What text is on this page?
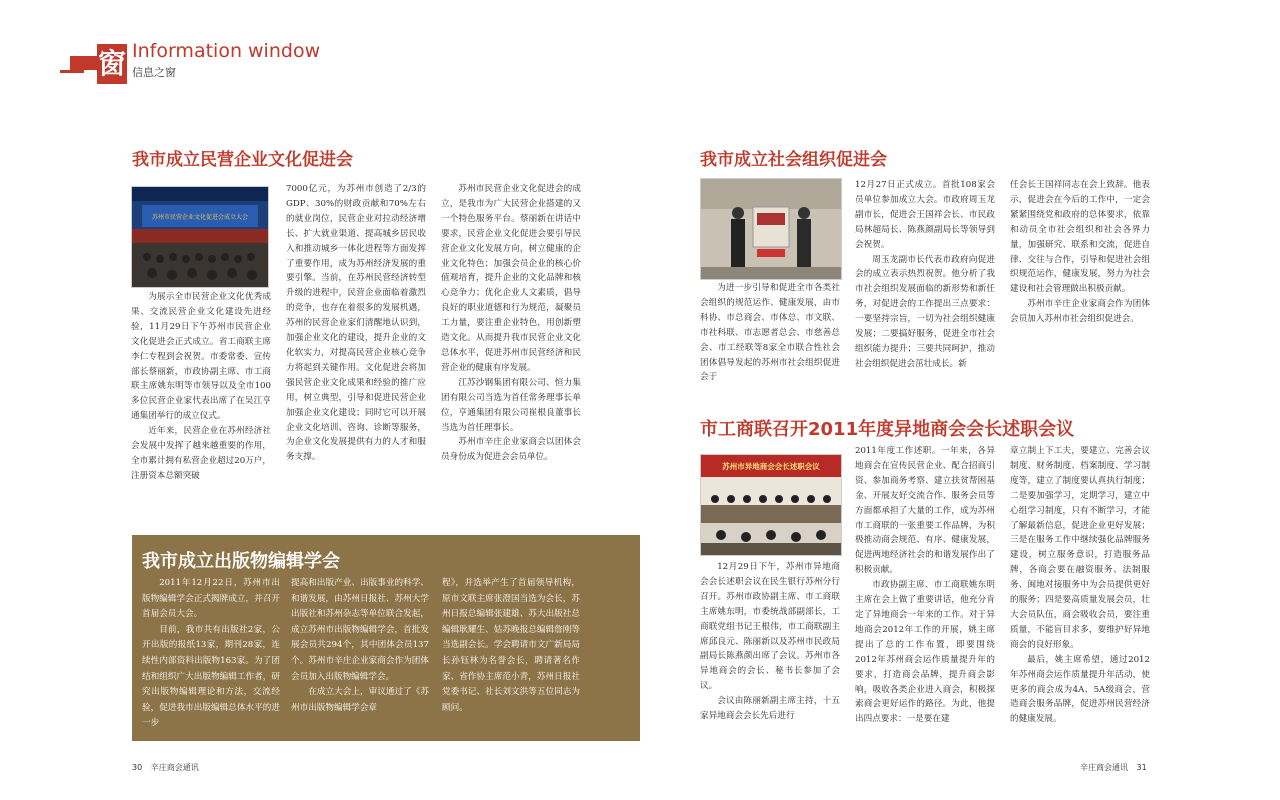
窗 Information window
信息之窗
我市成立民营企业文化促进会
苏州市民营企业文化促进会成立大会

为展示全市民营企业文化优秀成果、交流民营企业文化建设先进经验，11月29日下午苏州市民营企业文化促进会正式成立。省工商联主席李仁专程到会祝贺。市委常委、宣传部长蔡丽新，市政协副主席、市工商联主席姚东明等市领导以及全市100多位民营企业家代表出席了在吴江亨通集团举行的成立仪式。

近年来，民营企业在苏州经济社会发展中发挥了越来越重要的作用，全市累计拥有私营企业超过20万户，注册资本总额突破

7000亿元，为苏州市创造了2/3的GDP、30%的财政贡献和70%左右的就业岗位，民营企业对拉动经济增长、扩大就业渠道、提高城乡居民收入和推动城乡一体化进程等方面发挥了重要作用，成为苏州经济发展的重要引擎。当前，在苏州民营经济转型升级的进程中，民营企业面临着激烈的竞争，也存在着很多的发展机遇，苏州的民营企业家们清醒地认识到，加强企业文化的建设，提升企业的文化软实力，对提高民营企业核心竞争力将起到关键作用。文化促进会将加强民营企业文化成果和经验的推广应用，树立典型，引导和促进民营企业加强企业文化建设；同时它可以开展企业文化培训、咨询、诊断等服务，为企业文化发展提供有力的人才和服务支撑。

苏州市民营企业文化促进会的成立，是我市为广大民营企业搭建的又一个特色服务平台。蔡丽新在讲话中要求，民营企业文化促进会要引导民营企业文化发展方向，树立健康的企业文化特色；加强会员企业的核心价值观培育，提升企业的文化品牌和核心竞争力；优化企业人文素质，倡导良好的职业道德和行为规范，凝聚员工力量，要注重企业特色，用创新塑造文化。从而提升我市民营企业文化总体水平，促进苏州市民营经济和民营企业的健康有序发展。

江苏沙钢集团有限公司、恒力集团有限公司当选为首任常务理事长单位，亨通集团有限公司崔根良董事长当选为首任理事长。

苏州市辛庄企业家商会以团体会员身份成为促进会会员单位。

我市成立出版物编辑学会

2011年12月22日，苏州市出版物编辑学会正式揭牌成立，并召开首届会员大会。

目前，我市共有出版社2家，公开出版的报纸13家，期刊28家，连续性内部资料出版物163家。为了团结和组织广大出版物编辑工作者，研究出版物编辑理论和方法，交流经验，促进我市出版编辑总体水平的进一步

提高和出版产业、出版事业的科学、和谐发展，由苏州日报社、苏州大学出版社和苏州杂志等单位联合发起，成立苏州市出版物编辑学会，首批发展会员共294个，其中团体会员137个。苏州市辛庄企业家商会作为团体会员加入出版物编辑学会。

在成立大会上，审议通过了《苏州市出版物编辑学会章

程》，并选举产生了首届领导机构，原市文联主席张澄国当选为会长，苏州日报总编辑张建雄、苏大出版社总编辑耿耀生、姑苏晚报总编辑詹刚等当选副会长。学会聘请市文广新局局长孙钰林为名誉会长，聘请著名作家、省作协主席范小青，苏州日报社党委书记、社长刘文洪等五位同志为顾问。

我市成立社会组织促进会

为进一步引导和促进全市各类社会组织的规范运作、健康发展，由市科协、市总商会、市体总、市文联、市社科联、市志愿者总会、市慈善总会、市工经联等8家全市联合性社会团体倡导发起的苏州市社会组织促进会于

12月27日正式成立。首批108家会员单位参加成立大会。市政府周玉龙副市长，促进会王国祥会长、市民政局林超局长、陈燕颜副局长等领导到会祝贺。

周玉龙副市长代表市政府向促进会的成立表示热烈祝贺。他分析了我市社会组织发展面临的新形势和新任务，对促进会的工作提出三点要求：一要坚持宗旨，一切为社会组织健康发展；二要搞好服务，促进全市社会组织能力提升；三要共同呵护，推动社会组织促进会茁壮成长。新

任会长王国祥同志在会上致辞。他表示，促进会在今后的工作中，一定会紧紧围绕党和政府的总体要求，依靠和动员全市社会组织和社会各界力量，加强研究、联系和交流，促进自律、交往与合作，引导和促进社会组织规范运作，健康发展，努力为社会建设和社会管理做出积极贡献。

苏州市辛庄企业家商会作为团体会员加入苏州市社会组织促进会。

市工商联召开2011年度异地商会会长述职会议
苏州市异地商会会长述职会议

12月29日下午，苏州市异地商会会长述职会议在民生银行苏州分行召开。苏州市政协副主席、市工商联主席姚东明，市委统战部副部长，工商联党组书记王根伟，市工商联副主席邱良元、陈丽新以及苏州市民政局副局长陈燕颜出席了会议。苏州市各异地商会的会长、秘书长参加了会议。

会议由陈丽新副主席主持，十五家异地商会会长先后进行

2011年度工作述职。一年来，各异地商会在宣传民营企业、配合招商引资、参加商务考察、建立扶贫帮困基金、开展友好交流合作、服务会员等方面都承担了大量的工作，成为苏州市工商联的一张重要工作品牌，为积极推动商会规范、有序、健康发展，促进两地经济社会的和谐发展作出了积极贡献。

市政协副主席、市工商联姚东明主席在会上做了重要讲话，他充分肯定了异地商会一年来的工作。对于异地商会2012年工作的开展，姚主席提出了总的工作布置，即要围绕2012年苏州商会运作质量提升年的要求，打造商会品牌，提升商会影响，吸收各类企业进入商会，积极探索商会更好运作的路径。为此，他提出四点要求：一是要在建

章立制上下工夫，要建立、完善会议制度、财务制度、档案制度、学习制度等，建立了制度要认真执行制度；二是要加强学习，定期学习，建立中心组学习制度，只有不断学习，才能了解最新信息，促进企业更好发展；三是在服务工作中继续强化品牌服务建设，树立服务意识，打造服务品牌，各商会要在融资服务、法制服务、闽地对接服务中为会员提供更好的服务；四是要高质量发展会员，壮大会员队伍，商会吸收会员，要注重质量，不能盲目求多，要维护好异地商会的良好形象。

最后，姚主席希望，通过2012年苏州商会运作质量提升年活动，使更多的商会成为4A、5A级商会，营造商会服务品牌，促进苏州民营经济的健康发展。

30 辛庄商会通讯	辛庄商会通讯 31
